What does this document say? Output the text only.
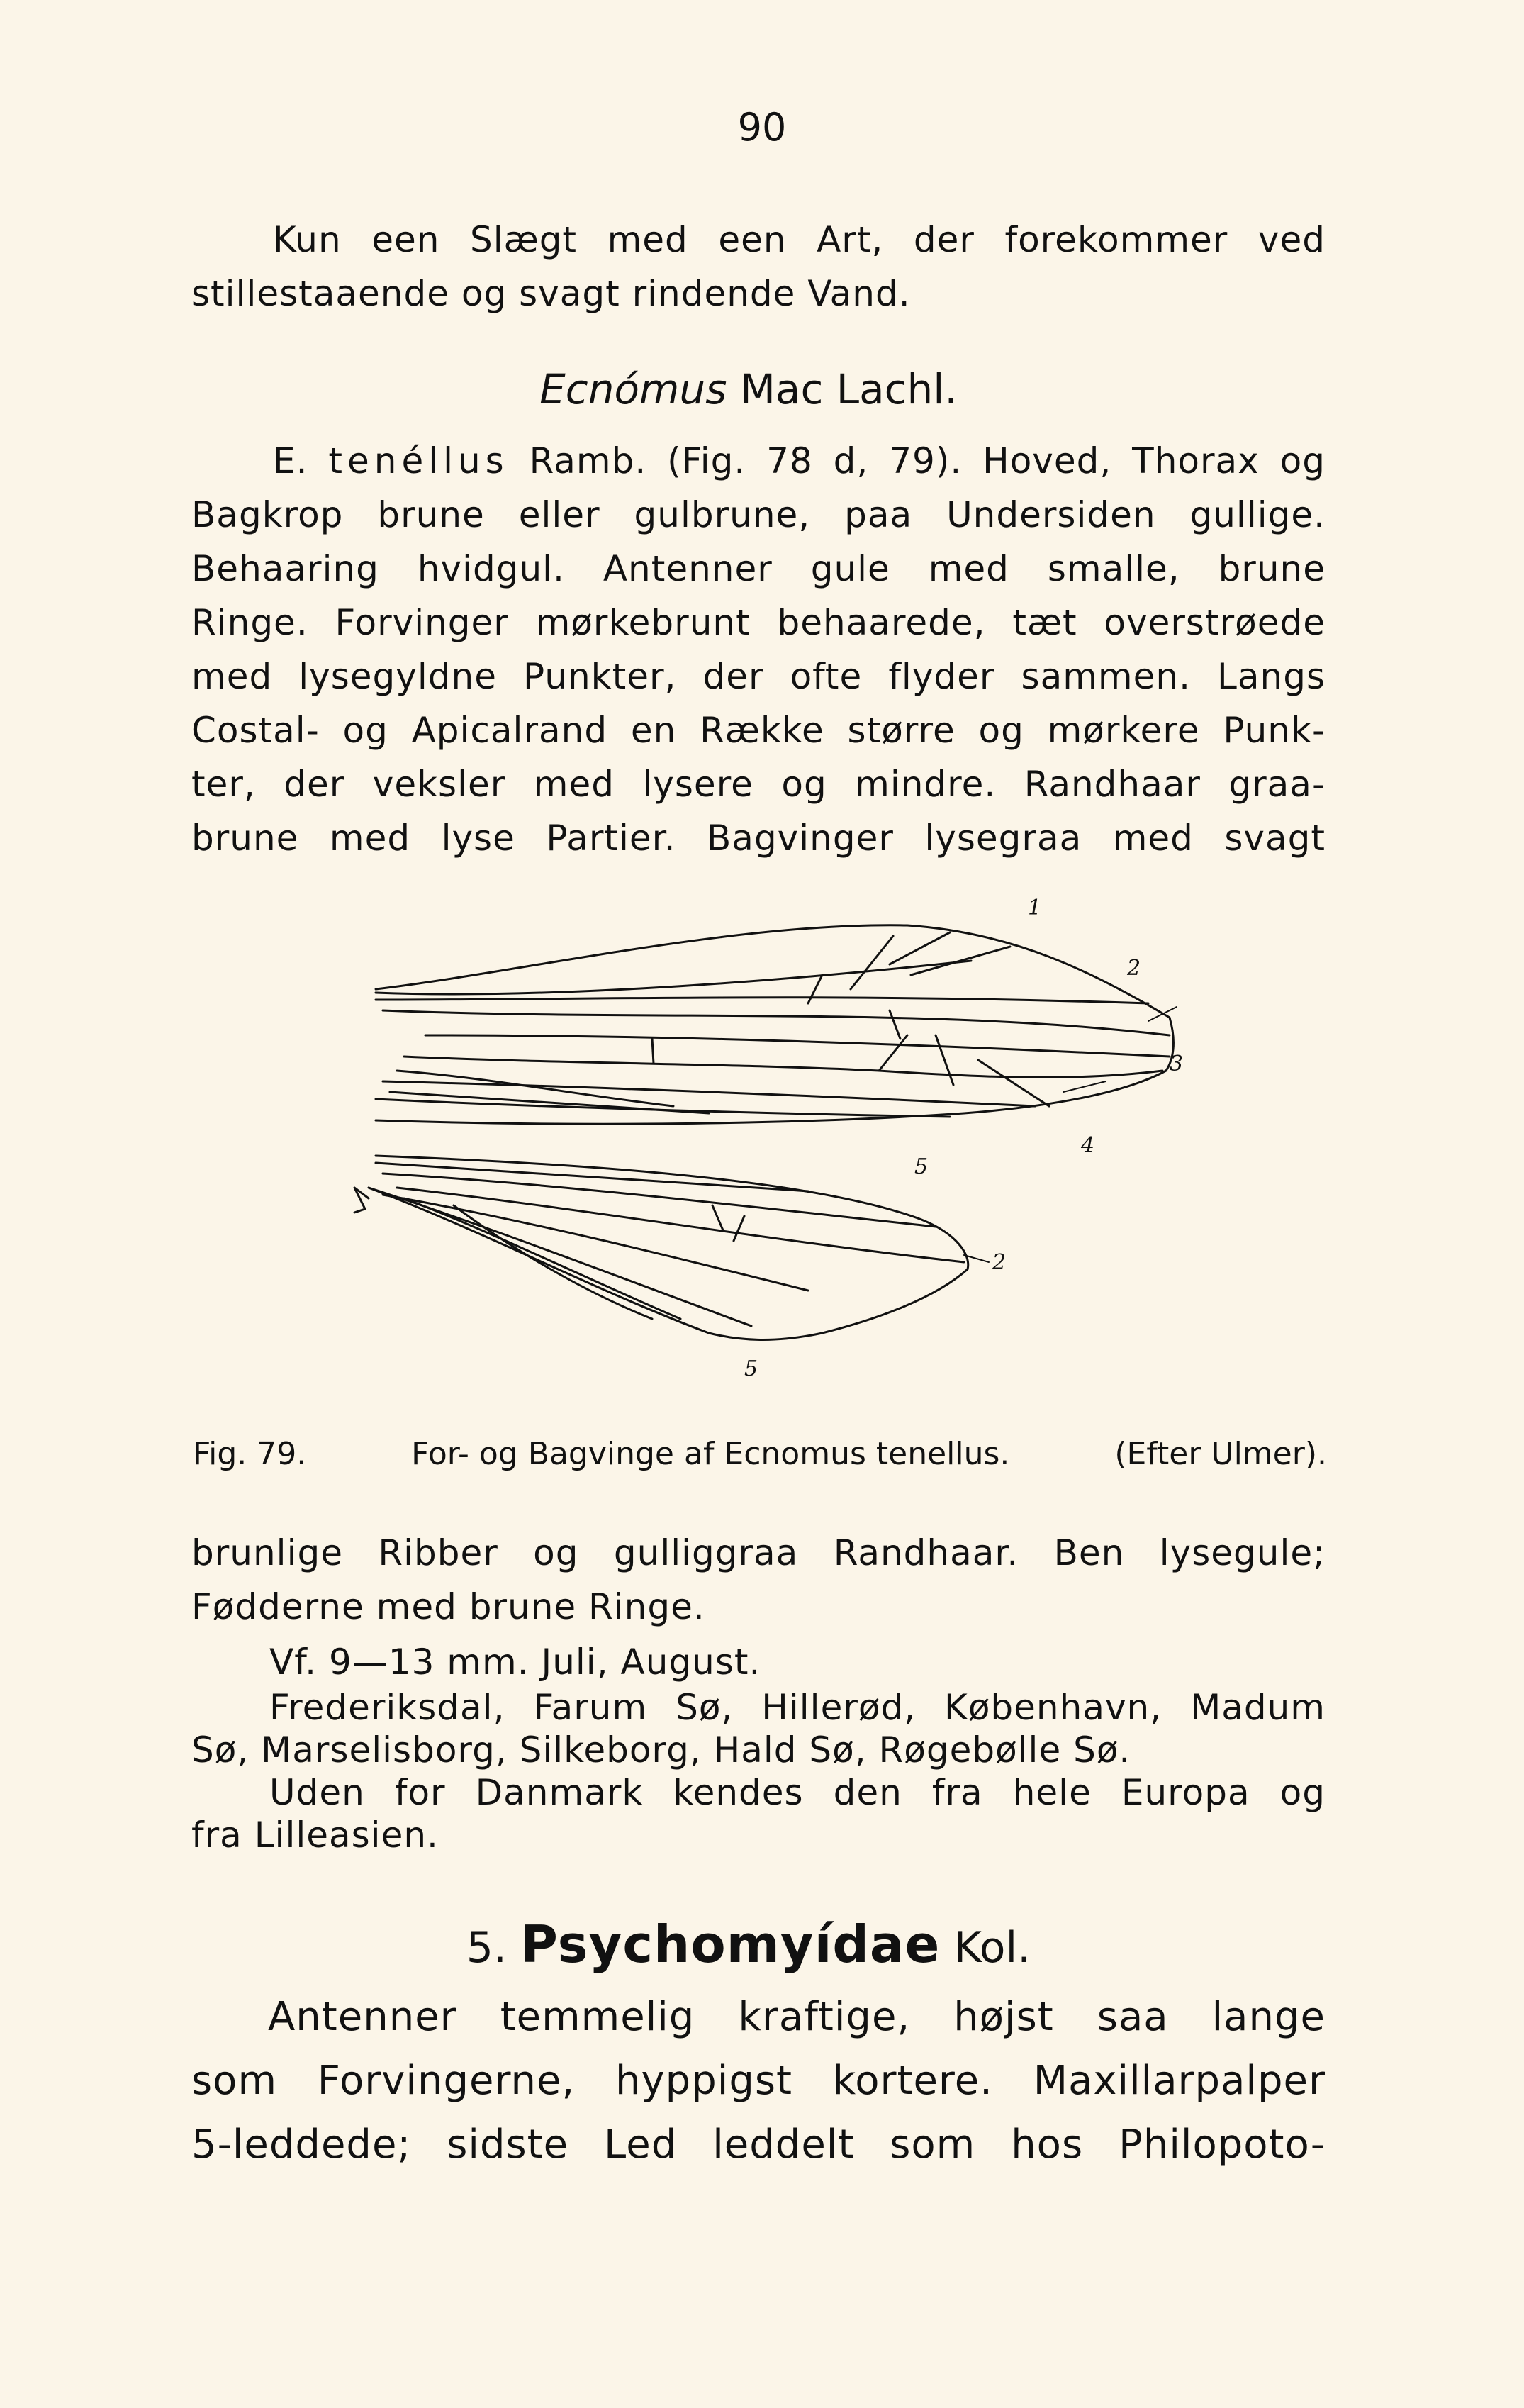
90
Kun een Slægt med een Art, der forekommer ved
stillestaaende og svagt rindende Vand.
Ecnómus Mac Lachl.
E. tenéllus Ramb. (Fig. 78 d, 79). Hoved, Thorax og
Bagkrop brune eller gulbrune, paa Undersiden gullige.
Behaaring hvidgul. Antenner gule med smalle, brune
Ringe. Forvinger mørkebrunt behaarede, tæt overstrøede
med lysegyldne Punkter, der ofte flyder sammen. Langs
Costal- og Apicalrand en Række større og mørkere Punk-
ter, der veksler med lysere og mindre. Randhaar graa-
brune med lyse Partier. Bagvinger lysegraa med svagt
1
2
3
4
5
2
5
Fig. 79.	For- og Bagvinge af Ecnomus tenellus.	(Efter Ulmer).
brunlige Ribber og gulliggraa Randhaar. Ben lysegule;
Fødderne med brune Ringe.
Vf. 9—13 mm. Juli, August.
Frederiksdal, Farum Sø, Hillerød, København, Madum
Sø, Marselisborg, Silkeborg, Hald Sø, Røgebølle Sø.
Uden for Danmark kendes den fra hele Europa og
fra Lilleasien.
5. Psychomyídae Kol.
Antenner temmelig kraftige, højst saa lange
som Forvingerne, hyppigst kortere. Maxillarpalper
5-leddede; sidste Led leddelt som hos Philopoto-
